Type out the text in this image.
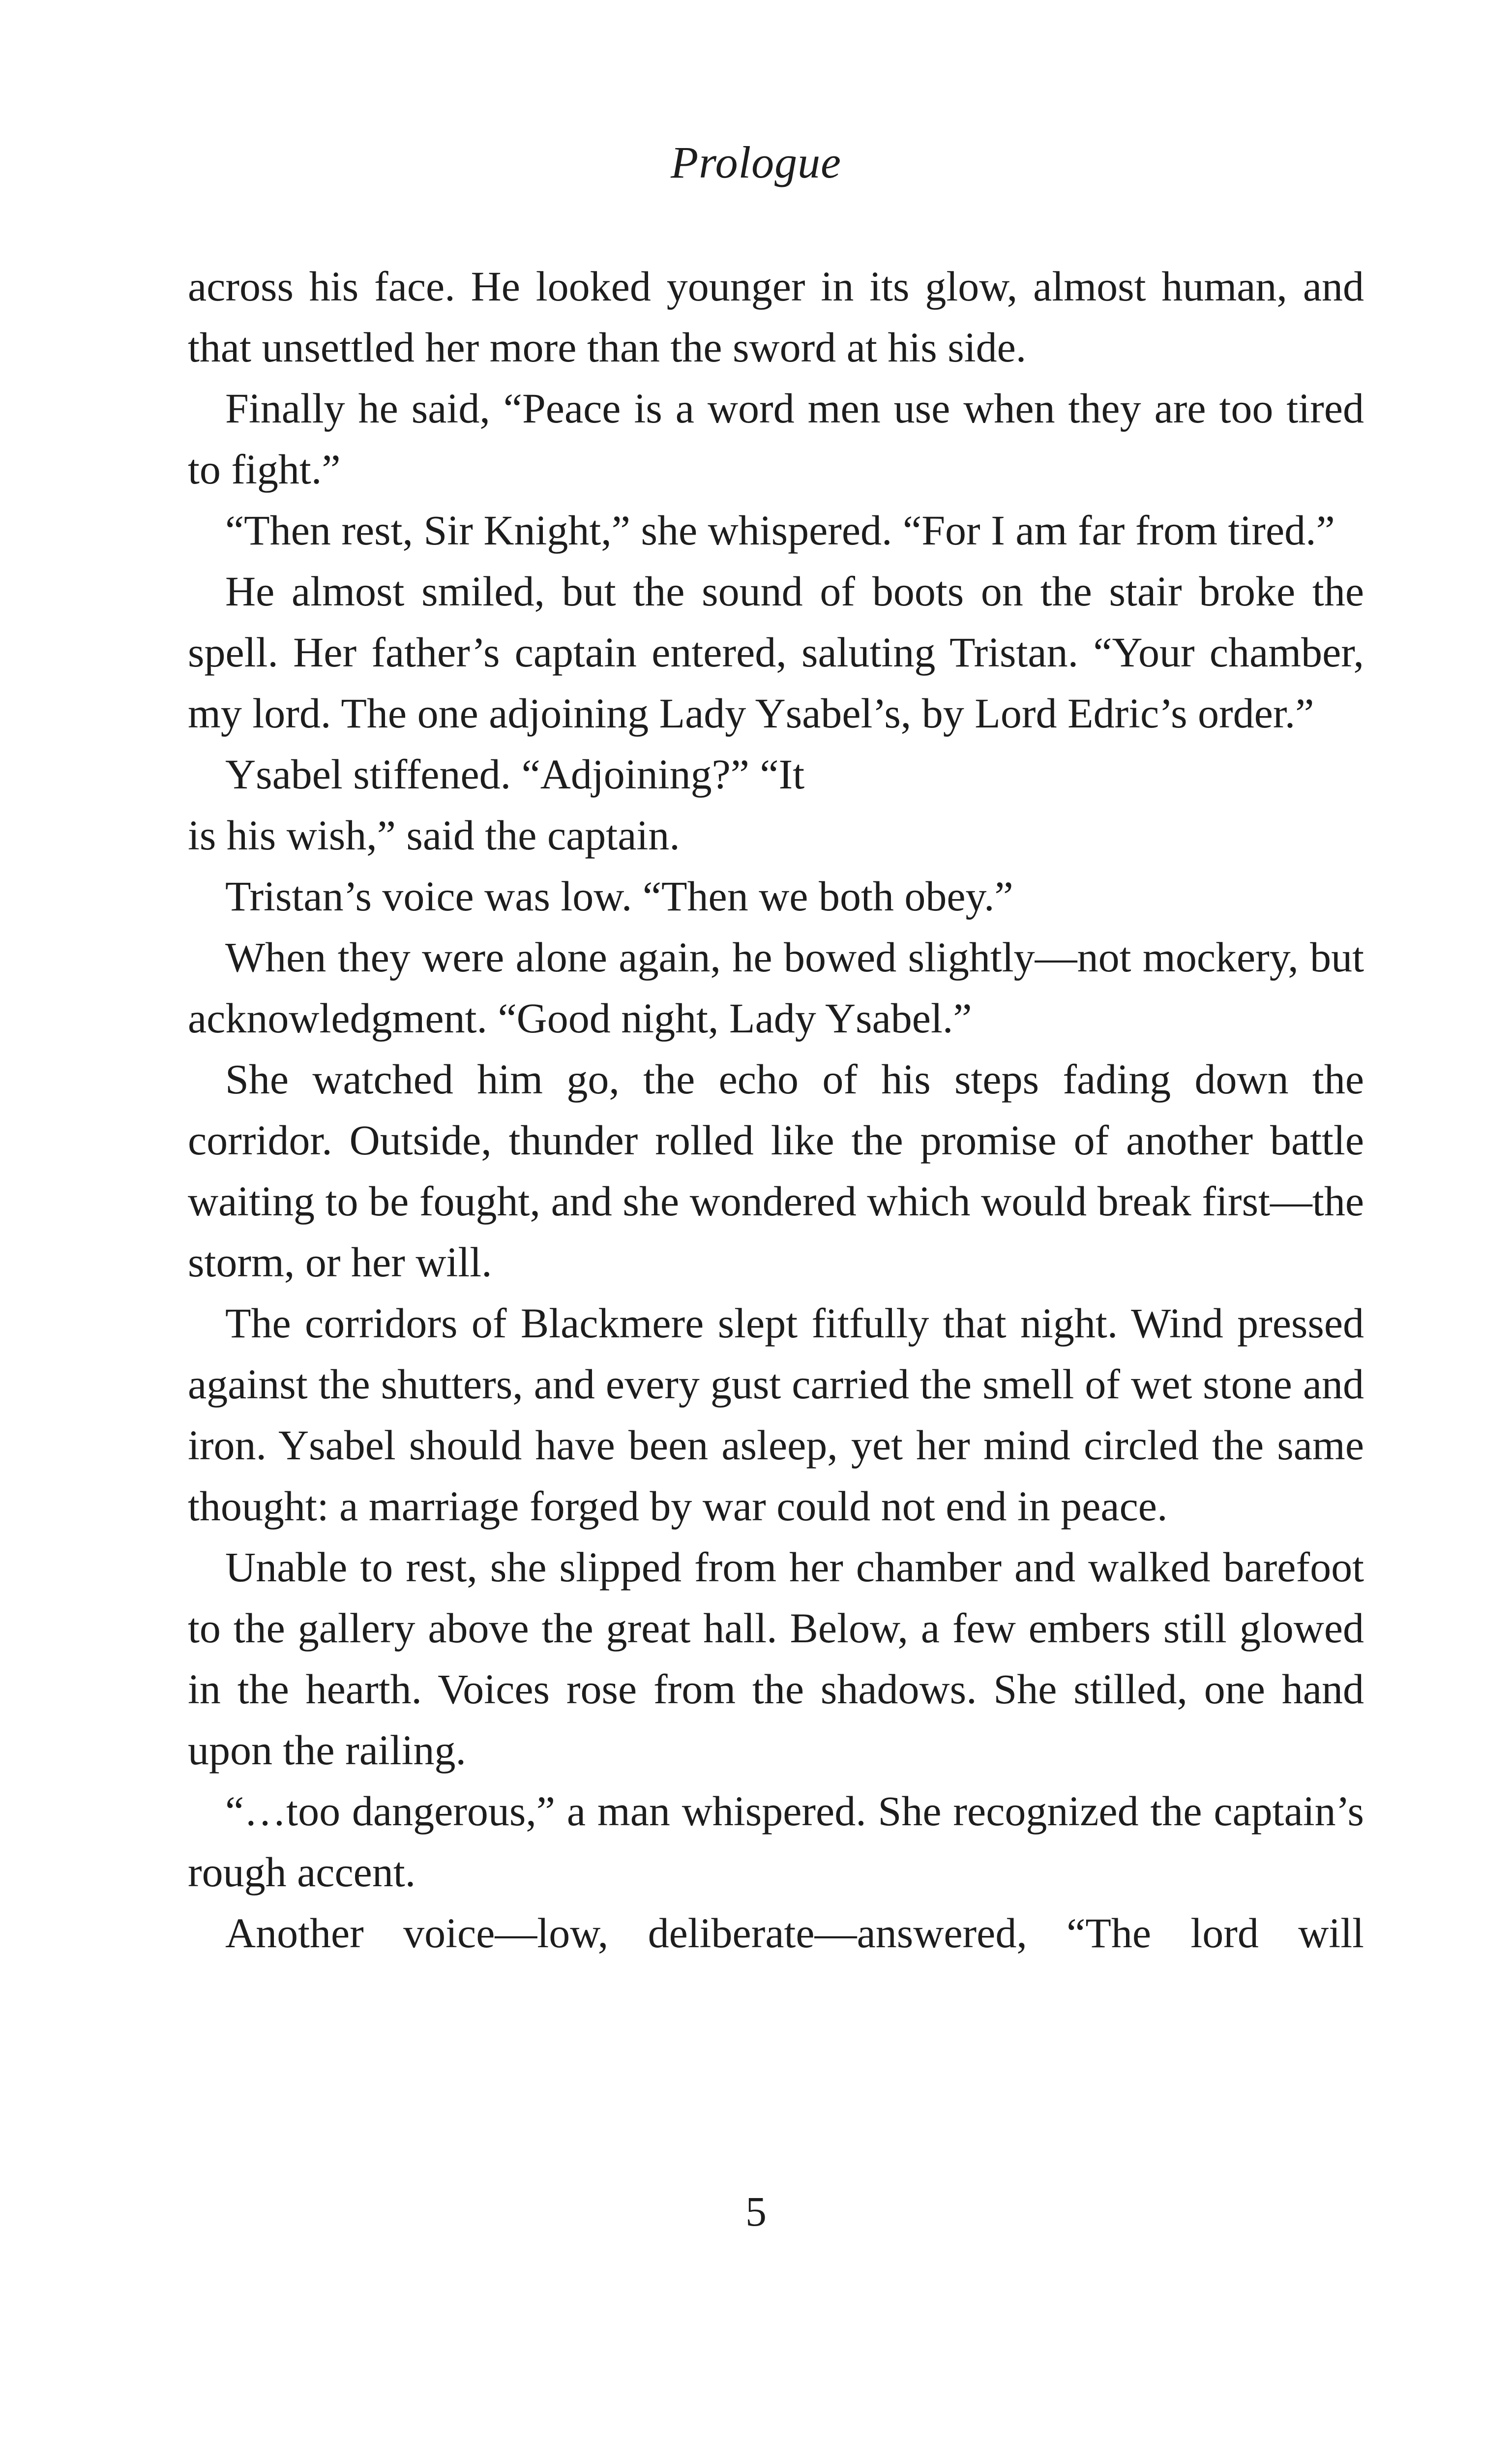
Prologue

across his face. He looked younger in its glow, almost human, and that unsettled her more than the sword at his side.

Finally he said, “Peace is a word men use when they are too tired to fight.”

“Then rest, Sir Knight,” she whispered. “For I am far from tired.”

He almost smiled, but the sound of boots on the stair broke the spell. Her father’s captain entered, saluting Tristan. “Your chamber, my lord. The one adjoining Lady Ysabel’s, by Lord Edric’s order.”

Ysabel stiffened. “Adjoining?” “It

is his wish,” said the captain.

Tristan’s voice was low. “Then we both obey.”

When they were alone again, he bowed slightly—not mockery, but acknowledgment. “Good night, Lady Ysabel.”

She watched him go, the echo of his steps fading down the corridor. Outside, thunder rolled like the promise of another battle waiting to be fought, and she wondered which would break first—the storm, or her will.

The corridors of Blackmere slept fitfully that night. Wind pressed against the shutters, and every gust carried the smell of wet stone and iron. Ysabel should have been asleep, yet her mind circled the same thought: a marriage forged by war could not end in peace.

Unable to rest, she slipped from her chamber and walked barefoot to the gallery above the great hall. Below, a few embers still glowed in the hearth. Voices rose from the shadows. She stilled, one hand upon the railing.

“…too dangerous,” a man whispered. She recognized the captain’s rough accent.

Another voice—low, deliberate—answered, “The lord will

5
